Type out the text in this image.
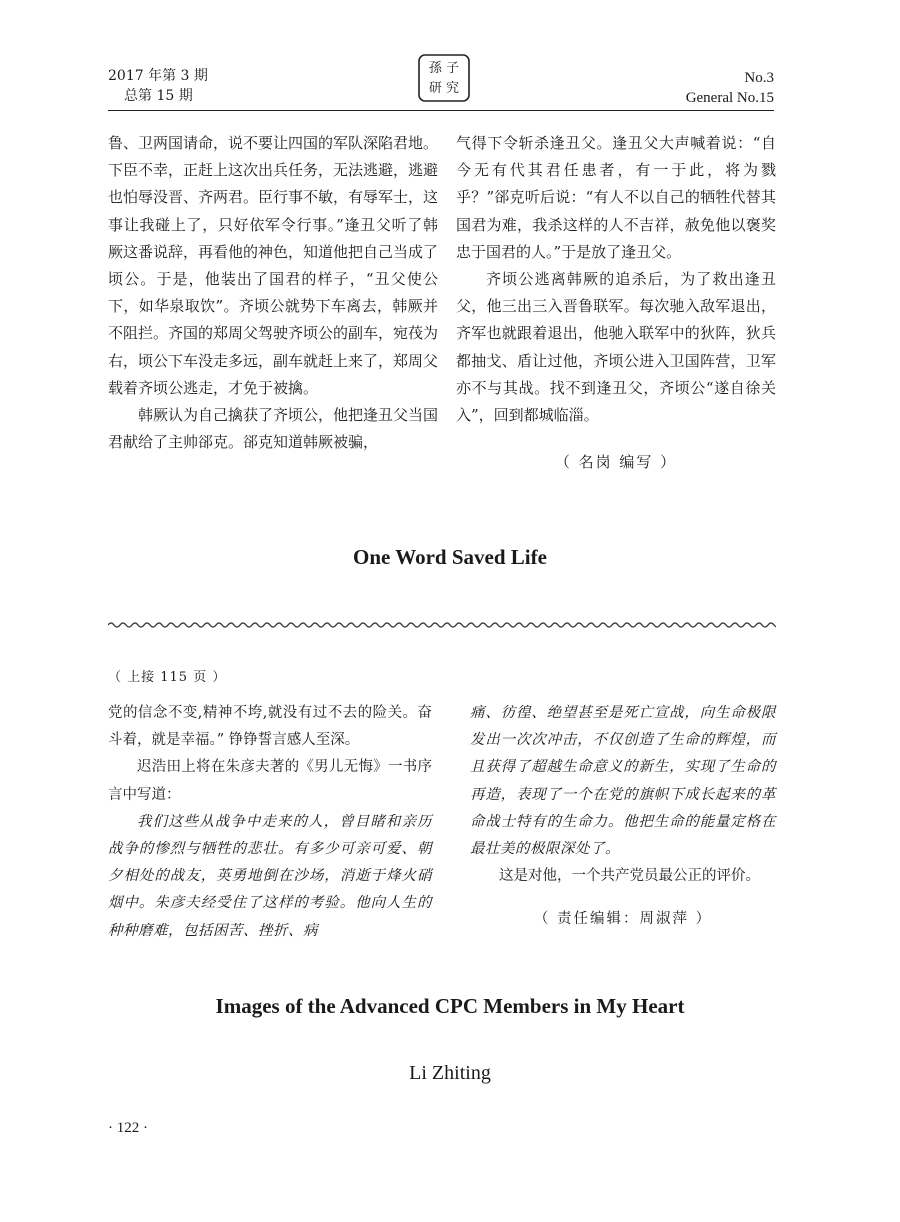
2017 年第 3 期
总第 15 期
孫 子
研 究
No.3
General No.15

鲁、卫两国请命，说不要让四国的军队深陷君地。下臣不幸，正赶上这次出兵任务，无法逃避，逃避也怕辱没晋、齐两君。臣行事不敏，有辱军士，这事让我碰上了，只好依军令行事。”逢丑父听了韩厥这番说辞，再看他的神色，知道他把自己当成了顷公。于是，他装出了国君的样子，“丑父使公下，如华泉取饮”。齐顷公就势下车离去，韩厥并不阻拦。齐国的郑周父驾驶齐顷公的副车，宛茷为右，顷公下车没走多远，副车就赶上来了，郑周父载着齐顷公逃走，才免于被擒。

韩厥认为自己擒获了齐顷公，他把逢丑父当国君献给了主帅郤克。郤克知道韩厥被骗，

气得下令斩杀逢丑父。逢丑父大声喊着说：“自今无有代其君任患者，有一于此，将为戮乎？”郤克听后说：“有人不以自己的牺牲代替其国君为难，我杀这样的人不吉祥，赦免他以褒奖忠于国君的人。”于是放了逢丑父。

齐顷公逃离韩厥的追杀后，为了救出逢丑父，他三出三入晋鲁联军。每次驰入敌军退出，齐军也就跟着退出，他驰入联军中的狄阵，狄兵都抽戈、盾让过他，齐顷公进入卫国阵营，卫军亦不与其战。找不到逢丑父，齐顷公“遂自徐关入”，回到都城临淄。

（ 名岗 编写 ）

One Word Saved Life
（ 上接 115 页 ）

党的信念不变,精神不垮,就没有过不去的险关。奋斗着，就是幸福。” 铮铮誓言感人至深。

迟浩田上将在朱彦夫著的《男儿无悔》一书序言中写道：

我们这些从战争中走来的人，曾目睹和亲历战争的惨烈与牺牲的悲壮。有多少可亲可爱、朝夕相处的战友，英勇地倒在沙场，消逝于烽火硝烟中。朱彦夫经受住了这样的考验。他向人生的种种磨难，包括困苦、挫折、病

痛、彷徨、绝望甚至是死亡宣战，向生命极限发出一次次冲击，不仅创造了生命的辉煌，而且获得了超越生命意义的新生，实现了生命的再造，表现了一个在党的旗帜下成长起来的革命战士特有的生命力。他把生命的能量定格在最壮美的极限深处了。

这是对他，一个共产党员最公正的评价。

（ 责任编辑：周淑萍 ）

Images of the Advanced CPC Members in My Heart
Li Zhiting
· 122 ·
